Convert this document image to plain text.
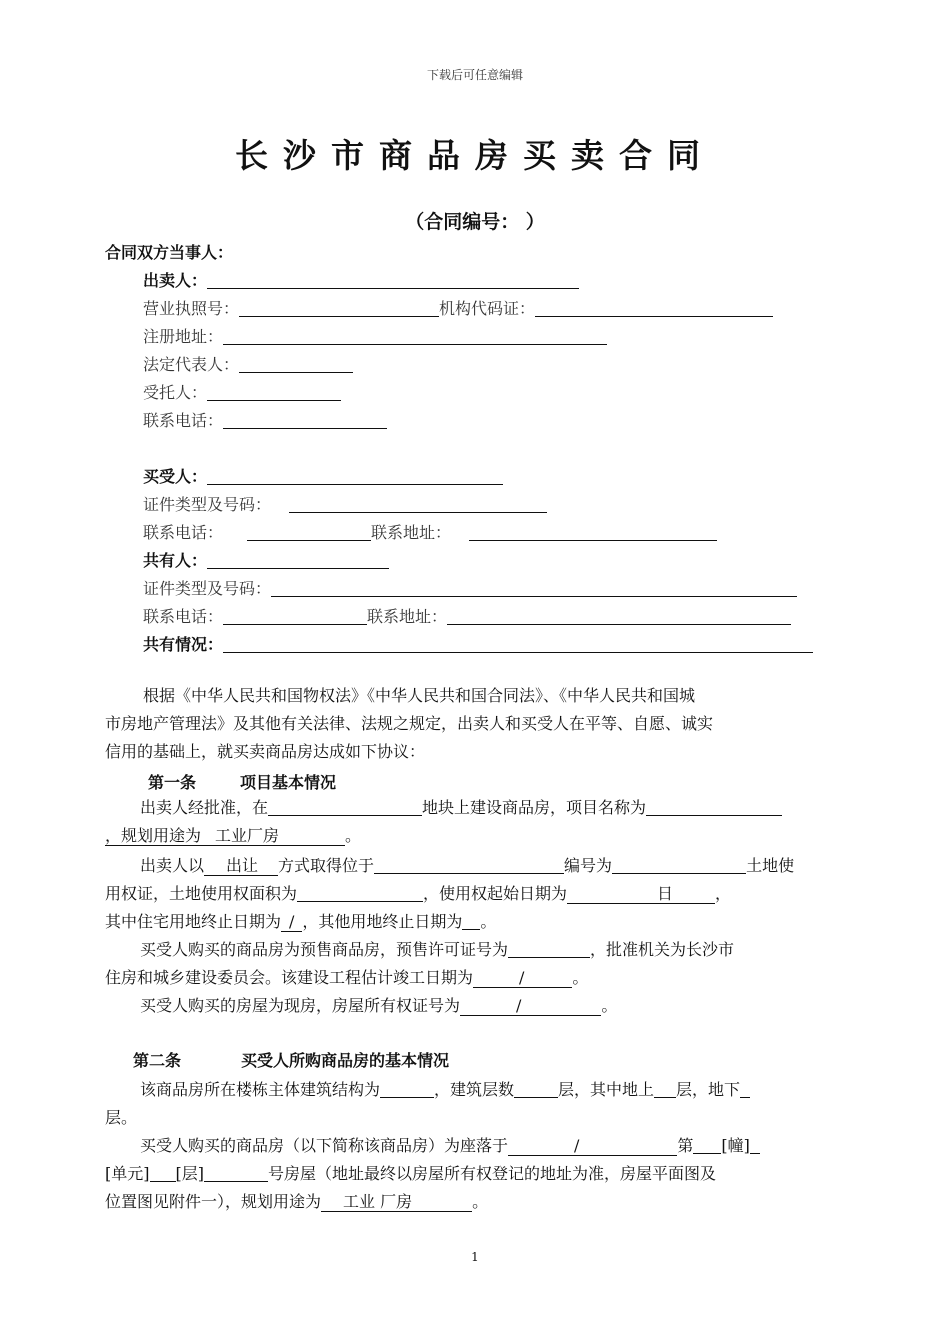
下载后可任意编辑
长沙市商品房买卖合同
（合同编号： ）
合同双方当事人：
出卖人：
营业执照号：	机构代码证：
注册地址：
法定代表人：
受托人：
联系电话：
买受人：
证件类型及号码：
联系电话：	联系地址：
共有人：
证件类型及号码：
联系电话：	联系地址：
共有情况：
根据《中华人民共和国物权法》《中华人民共和国合同法》、《中华人民共和国城
市房地产管理法》及其他有关法律、法规之规定，出卖人和买受人在平等、自愿、诚实
信用的基础上，就买卖商品房达成如下协议：
第一条	项目基本情况
出卖人经批准，在	地块上建设商品房，项目名称为
，规划用途为 工业厂房	。
出卖人以 出让 方式取得位于	编号为	土地使
用权证，土地使用权面积为	，使用权起始日期为	日	，
其中住宅用地终止日期为 / ，其他用地终止日期为 。
买受人购买的商品房为预售商品房，预售许可证号为	，批准机关为长沙市
住房和城乡建设委员会。该建设工程估计竣工日期为	/	。
买受人购买的房屋为现房，房屋所有权证号为	/	。
第二条	买受人所购商品房的基本情况
该商品房所在楼栋主体建筑结构为	，建筑层数	层，其中地上 层，地下
层。
买受人购买的商品房（以下简称该商品房）为座落于	/	第 [幢]
[单元] [层]	号房屋（地址最终以房屋所有权登记的地址为准，房屋平面图及
位置图见附件一），规划用途为 工业 厂房	。
1
